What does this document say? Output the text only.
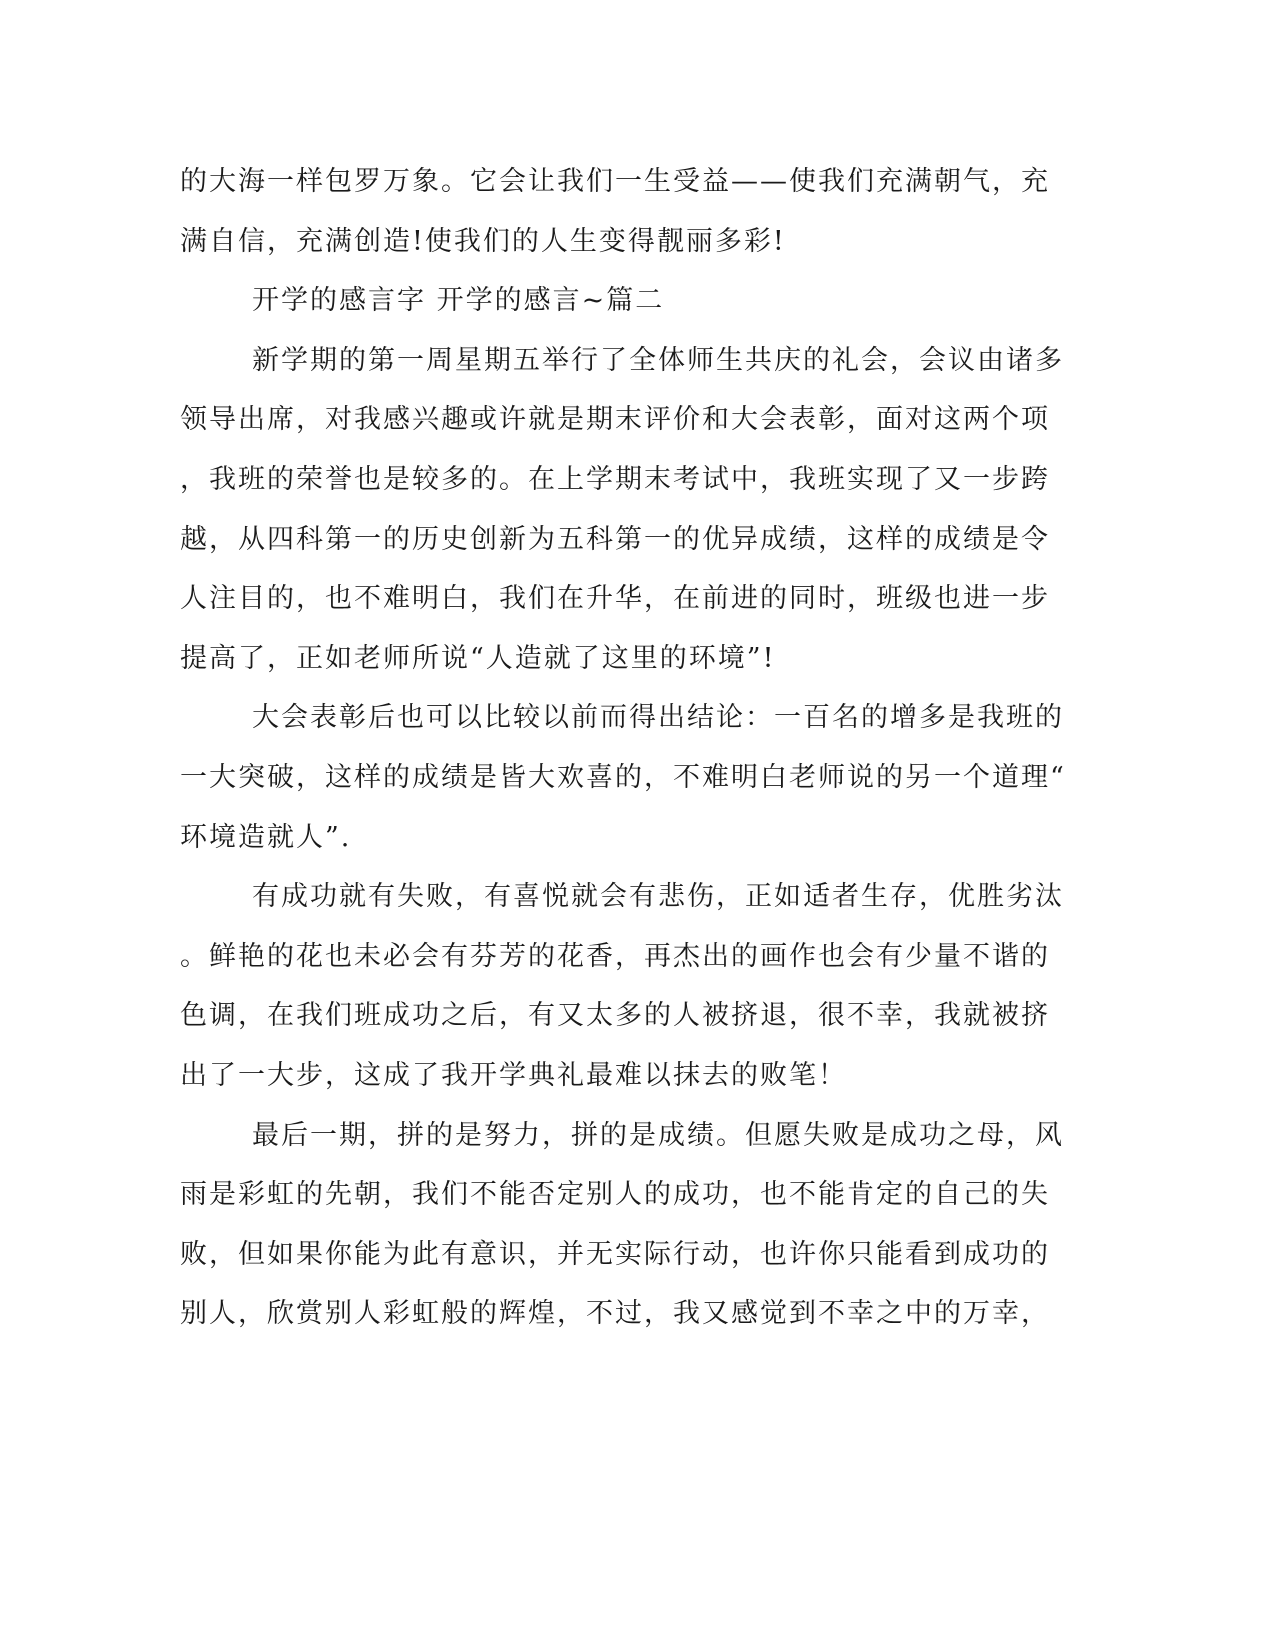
的大海一样包罗万象。它会让我们一生受益——使我们充满朝气，充
满自信，充满创造!使我们的人生变得靓丽多彩!
开学的感言字 开学的感言~篇二
新学期的第一周星期五举行了全体师生共庆的礼会，会议由诸多
领导出席，对我感兴趣或许就是期末评价和大会表彰，面对这两个项
，我班的荣誉也是较多的。在上学期末考试中，我班实现了又一步跨
越，从四科第一的历史创新为五科第一的优异成绩，这样的成绩是令
人注目的，也不难明白，我们在升华，在前进的同时，班级也进一步
提高了，正如老师所说“人造就了这里的环境”!
大会表彰后也可以比较以前而得出结论：一百名的增多是我班的
一大突破，这样的成绩是皆大欢喜的，不难明白老师说的另一个道理“
环境造就人”.
有成功就有失败，有喜悦就会有悲伤，正如适者生存，优胜劣汰
。鲜艳的花也未必会有芬芳的花香，再杰出的画作也会有少量不谐的
色调，在我们班成功之后，有又太多的人被挤退，很不幸，我就被挤
出了一大步，这成了我开学典礼最难以抹去的败笔！
最后一期，拼的是努力，拼的是成绩。但愿失败是成功之母，风
雨是彩虹的先朝，我们不能否定别人的成功，也不能肯定的自己的失
败，但如果你能为此有意识，并无实际行动，也许你只能看到成功的
别人，欣赏别人彩虹般的辉煌，不过，我又感觉到不幸之中的万幸，
